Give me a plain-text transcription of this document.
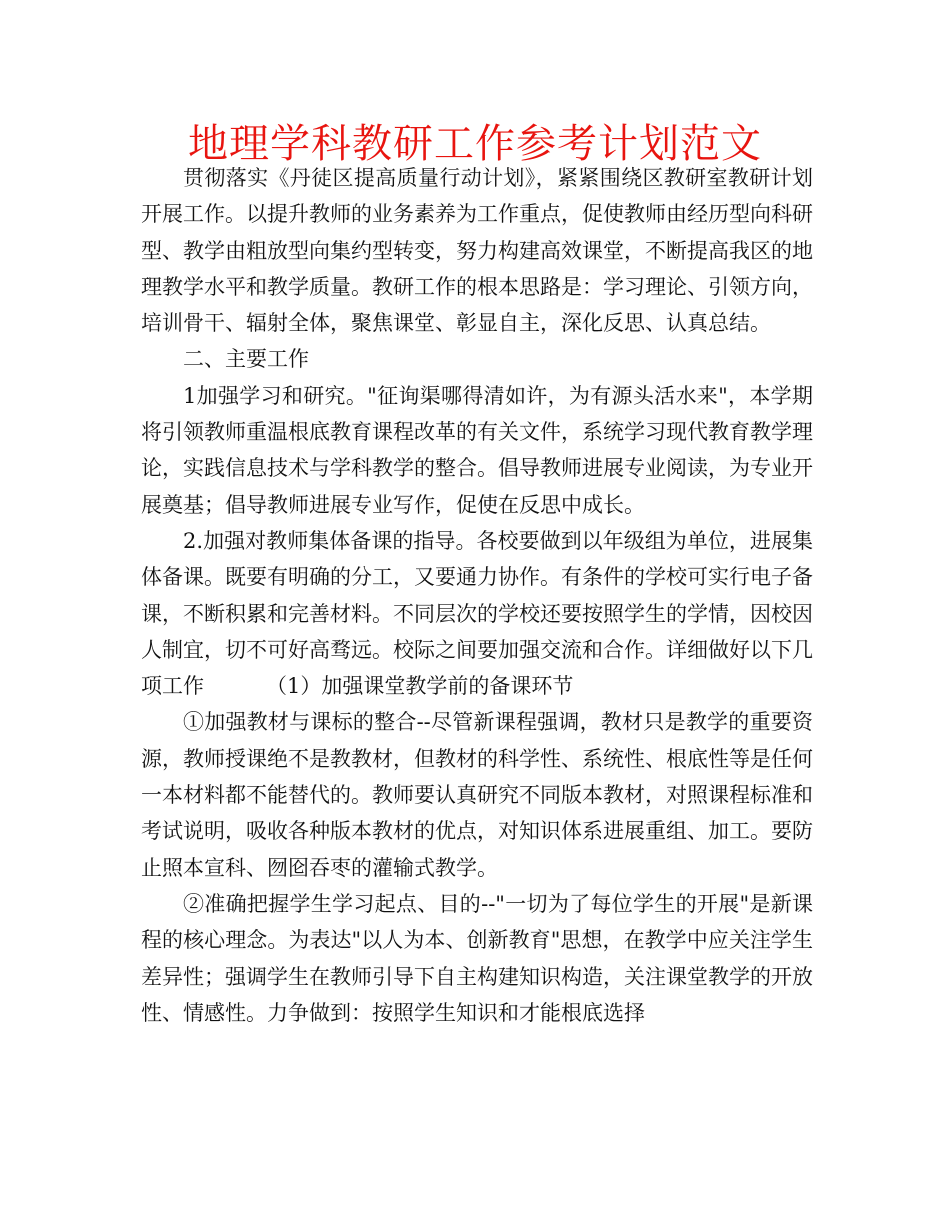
地理学科教研工作参考计划范文

贯彻落实《丹徒区提高质量行动计划》，紧紧围绕区教研室教研计划开展工作。以提升教师的业务素养为工作重点，促使教师由经历型向科研型、教学由粗放型向集约型转变，努力构建高效课堂，不断提高我区的地理教学水平和教学质量。教研工作的根本思路是：学习理论、引领方向，培训骨干、辐射全体，聚焦课堂、彰显自主，深化反思、认真总结。

二、主要工作

1加强学习和研究。"征询渠哪得清如许，为有源头活水来"，本学期将引领教师重温根底教育课程改革的有关文件，系统学习现代教育教学理论，实践信息技术与学科教学的整合。倡导教师进展专业阅读，为专业开展奠基；倡导教师进展专业写作，促使在反思中成长。

2.加强对教师集体备课的指导。各校要做到以年级组为单位，进展集体备课。既要有明确的分工，又要通力协作。有条件的学校可实行电子备课，不断积累和完善材料。不同层次的学校还要按照学生的学情，因校因人制宜，切不可好高骛远。校际之间要加强交流和合作。详细做好以下几项工作	（1）加强课堂教学前的备课环节

①加强教材与课标的整合--尽管新课程强调，教材只是教学的重要资源，教师授课绝不是教教材，但教材的科学性、系统性、根底性等是任何一本材料都不能替代的。教师要认真研究不同版本教材，对照课程标准和考试说明，吸收各种版本教材的优点，对知识体系进展重组、加工。要防止照本宣科、囫囵吞枣的灌输式教学。

②准确把握学生学习起点、目的--"一切为了每位学生的开展"是新课程的核心理念。为表达"以人为本、创新教育"思想，在教学中应关注学生差异性；强调学生在教师引导下自主构建知识构造，关注课堂教学的开放性、情感性。力争做到：按照学生知识和才能根底选择
